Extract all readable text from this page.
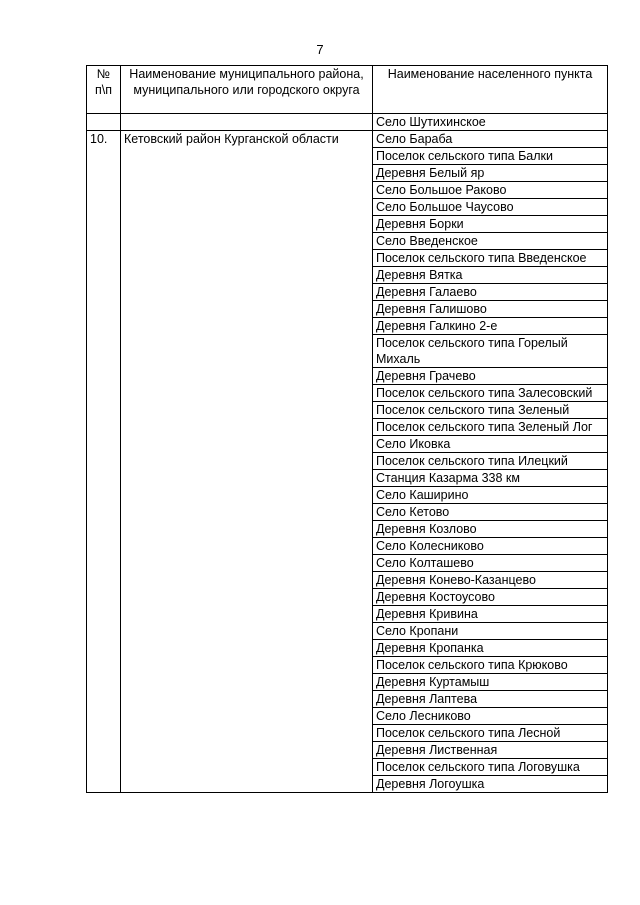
7
№ п\п	Наименование муниципального района, муниципального или городского округа	Наименование населенного пункта
		Село Шутихинское
10.	Кетовский район Курганской области	Село Бараба
		Поселок сельского типа Балки
		Деревня Белый яр
		Село Большое Раково
		Село Большое Чаусово
		Деревня Борки
		Село Введенское
		Поселок сельского типа Введенское
		Деревня Вятка
		Деревня Галаево
		Деревня Галишово
		Деревня Галкино 2-е
		Поселок сельского типа Горелый Михаль
		Деревня Грачево
		Поселок сельского типа Залесовский
		Поселок сельского типа Зеленый
		Поселок сельского типа Зеленый Лог
		Село Иковка
		Поселок сельского типа Илецкий
		Станция Казарма 338 км
		Село Каширино
		Село Кетово
		Деревня Козлово
		Село Колесниково
		Село Колташево
		Деревня Конево-Казанцево
		Деревня Костоусово
		Деревня Кривина
		Село Кропани
		Деревня Кропанка
		Поселок сельского типа Крюково
		Деревня Куртамыш
		Деревня Лаптева
		Село Лесниково
		Поселок сельского типа Лесной
		Деревня Лиственная
		Поселок сельского типа Логовушка
		Деревня Логоушка
